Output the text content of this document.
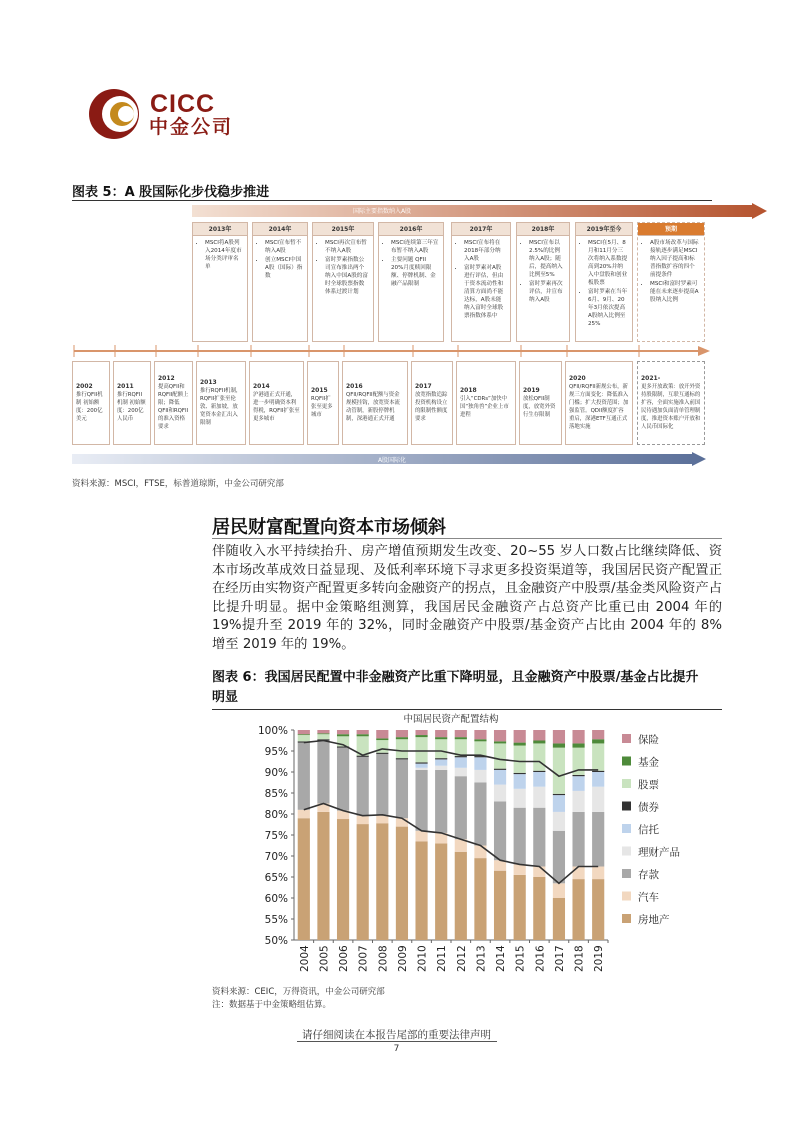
CICC
中金公司
图表 5：A 股国际化步伐稳步推进
国际主要指数纳入A股
2013年
• MSCI将A股列入2014年度市场分类评审名单
2014年
• MSCI宣布暂不纳入A股
• 创立MSCI中国A股（国际）指数
2015年
• MSCI再次宣布暂不纳入A股
• 富时罗素指数公司宣布推出两个纳入中国A股的富时全球股票指数体系过渡计划
2016年
• MSCI连续第三年宣布暂不纳入A股
• 主要问题 QFII 20%月度赎回限额、停牌机制、金融产品限制
2017年
• MSCI宣布将在2018年部分纳入A股
• 富时罗素对A股进行评估，但由于资本流动性和清算方面尚不能达标，A股未能纳入富时全球股票指数体系中
2018年
• MSCI宣布以2.5%的比例纳入A股；随后，提高纳入比例至5%
• 富时罗素再次评估，并宣布纳入A股
2019年至今
• MSCI在5月、8月和11月分三次将纳入系数提高到20%并纳入中盘股和创业板股票
• 富时罗素在当年6月、9月、20年3月依次提高A股纳入比例至25%
预期
• A股市场改革与国际接轨逐步满足MSCI纳入因子提高和标普指数扩容的四个前提条件
• MSCI和富时罗素可能在未来逐步提高A股纳入比例
2002
推行QFII机制 初始额度：200亿美元
2011
推行RQFII机制 初始额度：200亿人民币
2012
提高QFII和RQFII配额上限；降低QFII和RQFII的准入资格要求
2013
推行RQFII机制，RQFII扩张至伦敦、新加坡，放宽资本金汇出入限制
2014
沪港通正式开通，进一步明确资本利得税，RQFII扩张至更多城市
2015
RQFII扩张至更多城市
2016
QFII/RQFII配额与资金规模挂钩，放宽资本流动管制，新股停牌机制，深港通正式开通
2017
放宽指数追踪投资机构设立的限制性额度要求
2018
引入“CDRs”加快中国“独角兽”企业上市进程
2019
放松QFII制度，放宽外资行生存限制
2020
QFII/RQFII新规公布，新规三方面变化：降低准入门槛；扩大投资范围；加强监管。QDII额度扩容重启，深港ETF互通正式落地实施
2021-
更多开放政策：放开外资持股限制，互联互通标的扩容，全面实施准入前国民待遇加负面清单管理制度，推进资本账户开放和人民币国际化
A股国际化
资料来源：MSCI，FTSE，标普道琼斯，中金公司研究部
居民财富配置向资本市场倾斜
伴随收入水平持续抬升、房产增值预期发生改变、20~55 岁人口数占比继续降低、资本市场改革成效日益显现、及低利率环境下寻求更多投资渠道等，我国居民资产配置正在经历由实物资产配置更多转向金融资产的拐点，且金融资产中股票/基金类风险资产占比提升明显。据中金策略组测算，我国居民金融资产占总资产比重已由 2004 年的 19%提升至 2019 年的 32%，同时金融资产中股票/基金资产占比由 2004 年的 8%增至 2019 年的 19%。
图表 6：我国居民配置中非金融资产比重下降明显，且金融资产中股票/基金占比提升
明显
中国居民资产配置结构
50%
55%
60%
65%
70%
75%
80%
85%
90%
95%
100%
2004 2005 2006 2007 2008 2009 2010 2011 2012 2013 2014 2015 2016 2017 2018 2019
保险
基金
股票
债券
信托
理财产品
存款
汽车
房地产
资料来源：CEIC，万得资讯，中金公司研究部
注：数据基于中金策略组估算。
请仔细阅读在本报告尾部的重要法律声明
7
